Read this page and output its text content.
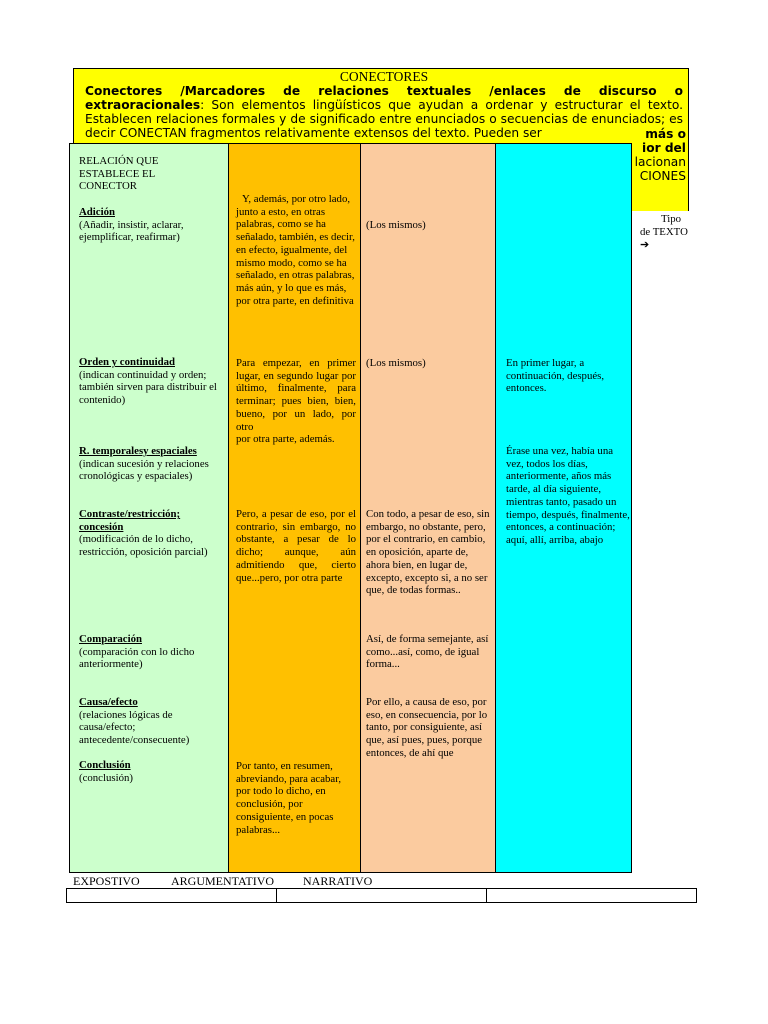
CONECTORES
Conectores /Marcadores de relaciones textuales /enlaces de discurso o extraoracionales: Son elementos lingüísticos que ayudan a ordenar y estructurar el texto. Establecen relaciones formales y de significado entre enunciados o secuencias de enunciados; es decir CONECTAN fragmentos relativamente extensos del texto. Pueden ser
RELACIÓN QUE ESTABLECE EL CONECTOR
Adición
(Añadir, insistir, aclarar, ejemplificar, reafirmar)
Orden y continuidad
(indican continuidad y orden; también sirven para distribuir el contenido)
R. temporalesy espaciales
(indican sucesión y relaciones cronológicas y espaciales)
Contraste/restricción; concesión
(modificación de lo dicho, restricción, oposición parcial)
Comparación
(comparación con lo dicho anteriormente)
Causa/efecto
(relaciones lógicas de causa/efecto; antecedente/consecuente)
Conclusión
(conclusión)
Y, además, por otro lado, junto a esto, en otras palabras, como se ha señalado, también, es decir, en efecto, igualmente, del mismo modo, como se ha señalado, en otras palabras, más aún, y lo que es más, por otra parte, en definitiva
Para empezar, en primer lugar, en segundo lugar por último, finalmente, para terminar; pues bien, bien, bueno, por un lado, por otro
por otra parte, además.
Pero, a pesar de eso, por el contrario, sin embargo, no obstante, a pesar de lo dicho; aunque, aún admitiendo que, cierto que...pero, por otra parte
Por tanto, en resumen, abreviando, para acabar, por todo lo dicho, en conclusión, por consiguiente, en pocas palabras...
(Los mismos)
(Los mismos)
Con todo, a pesar de eso, sin embargo, no obstante, pero, por el contrario, en cambio, en oposición, aparte de, ahora bien, en lugar de, excepto, excepto si, a no ser que, de todas formas..
Así, de forma semejante, así como...así, como, de igual forma...
Por ello, a causa de eso, por eso, en consecuencia, por lo tanto, por consiguiente, así que, así pues, pues, porque entonces, de ahí que
En primer lugar, a continuación, después, entonces.
Érase una vez, había una vez, todos los días, anteriormente, años más tarde, al día siguiente, mientras tanto, pasado un tiempo, después, finalmente, entonces, a continuación; aquí, allí, arriba, abajo
más o
ior del
lacionan
CIONES
Tipo
de TEXTO
➔
EXPOSTIVO	ARGUMENTATIVO NARRATIVO
